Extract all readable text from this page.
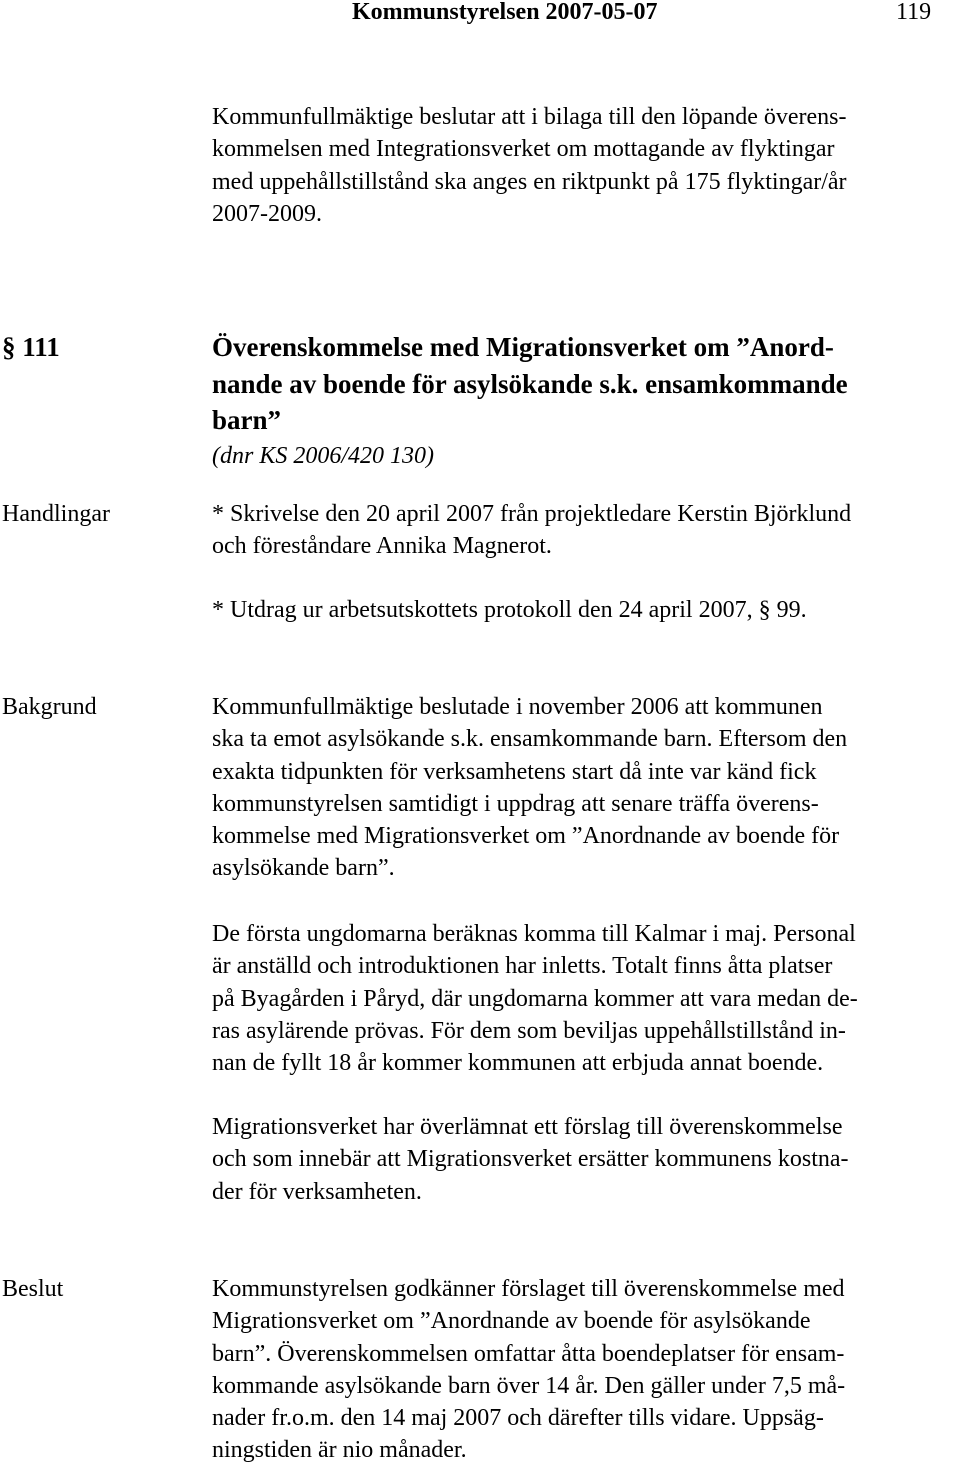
Kommunstyrelsen 2007-05-07	119
Kommunfullmäktige beslutar att i bilaga till den löpande överens-
kommelsen med Integrationsverket om mottagande av flyktingar
med uppehållstillstånd ska anges en riktpunkt på 175 flyktingar/år
2007-2009.
§ 111	Överenskommelse med Migrationsverket om ”Anord-
nande av boende för asylsökande s.k. ensamkommande
barn”
(dnr KS 2006/420 130)
Handlingar	* Skrivelse den 20 april 2007 från projektledare Kerstin Björklund
och föreståndare Annika Magnerot.
* Utdrag ur arbetsutskottets protokoll den 24 april 2007, § 99.
Bakgrund	Kommunfullmäktige beslutade i november 2006 att kommunen
ska ta emot asylsökande s.k. ensamkommande barn. Eftersom den
exakta tidpunkten för verksamhetens start då inte var känd fick
kommunstyrelsen samtidigt i uppdrag att senare träffa överens-
kommelse med Migrationsverket om ”Anordnande av boende för
asylsökande barn”.
De första ungdomarna beräknas komma till Kalmar i maj. Personal
är anställd och introduktionen har inletts. Totalt finns åtta platser
på Byagården i Påryd, där ungdomarna kommer att vara medan de-
ras asylärende prövas. För dem som beviljas uppehållstillstånd in-
nan de fyllt 18 år kommer kommunen att erbjuda annat boende.
Migrationsverket har överlämnat ett förslag till överenskommelse
och som innebär att Migrationsverket ersätter kommunens kostna-
der för verksamheten.
Beslut	Kommunstyrelsen godkänner förslaget till överenskommelse med
Migrationsverket om ”Anordnande av boende för asylsökande
barn”. Överenskommelsen omfattar åtta boendeplatser för ensam-
kommande asylsökande barn över 14 år. Den gäller under 7,5 må-
nader fr.o.m. den 14 maj 2007 och därefter tills vidare. Uppsäg-
ningstiden är nio månader.
